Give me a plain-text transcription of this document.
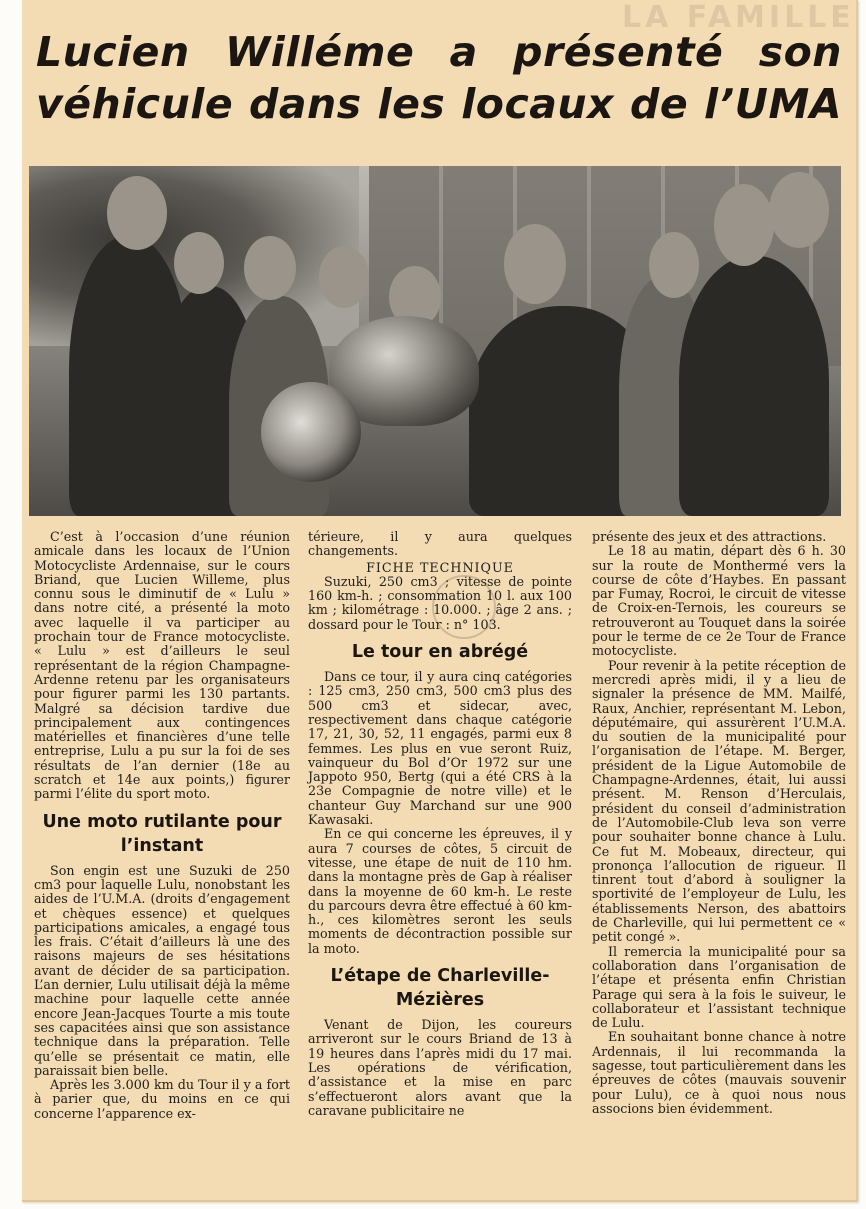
LA FAMILLE
Lucien Willéme a présenté son
véhicule dans les locaux de l’UMA

C’est à l’occasion d’une réunion amicale dans les locaux de l’Union Motocycliste Ardennaise, sur le cours Briand, que Lucien Willeme, plus connu sous le diminutif de « Lulu » dans notre cité, a présenté la moto avec laquelle il va participer au prochain tour de France motocycliste. « Lulu » est d’ailleurs le seul représentant de la région Champagne-Ardenne retenu par les organisateurs pour figurer parmi les 130 partants. Malgré sa décision tardive due principalement aux contingences matérielles et financières d’une telle entreprise, Lulu a pu sur la foi de ses résultats de l’an dernier (18e au scratch et 14e aux points,) figurer parmi l’élite du sport moto.

Une moto rutilante pour l’instant

Son engin est une Suzuki de 250 cm3 pour laquelle Lulu, nonobstant les aides de l’U.M.A. (droits d’engagement et chèques essence) et quelques participations amicales, a engagé tous les frais. C’était d’ailleurs là une des raisons majeurs de ses hésitations avant de décider de sa participation. L’an dernier, Lulu utilisait déjà la même machine pour laquelle cette année encore Jean-Jacques Tourte a mis toute ses capacitées ainsi que son assistance technique dans la préparation. Telle qu’elle se présentait ce matin, elle paraissait bien belle.

Après les 3.000 km du Tour il y a fort à parier que, du moins en ce qui concerne l’apparence ex-

térieure, il y aura quelques changements.

FICHE TECHNIQUE

Suzuki, 250 cm3 ; vitesse de pointe 160 km-h. ; consommation 10 l. aux 100 km ; kilométrage : 10.000. ; âge 2 ans. ; dossard pour le Tour : n° 103.

Le tour en abrégé

Dans ce tour, il y aura cinq catégories : 125 cm3, 250 cm3, 500 cm3 plus des 500 cm3 et sidecar, avec, respectivement dans chaque catégorie 17, 21, 30, 52, 11 engagés, parmi eux 8 femmes. Les plus en vue seront Ruiz, vainqueur du Bol d’Or 1972 sur une Jappoto 950, Bertg (qui a été CRS à la 23e Compagnie de notre ville) et le chanteur Guy Marchand sur une 900 Kawasaki.

En ce qui concerne les épreuves, il y aura 7 courses de côtes, 5 circuit de vitesse, une étape de nuit de 110 hm. dans la montagne près de Gap à réaliser dans la moyenne de 60 km-h. Le reste du parcours devra être effectué à 60 km-h., ces kilomètres seront les seuls moments de décontraction possible sur la moto.

L’étape de Charleville-Mézières

Venant de Dijon, les coureurs arriveront sur le cours Briand de 13 à 19 heures dans l’après midi du 17 mai. Les opérations de vérification, d’assistance et la mise en parc s’effectueront alors avant que la caravane publicitaire ne

présente des jeux et des attractions.

Le 18 au matin, départ dès 6 h. 30 sur la route de Monthermé vers la course de côte d’Haybes. En passant par Fumay, Rocroi, le circuit de vitesse de Croix-en-Ternois, les coureurs se retrouveront au Touquet dans la soirée pour le terme de ce 2e Tour de France motocycliste.

Pour revenir à la petite réception de mercredi après midi, il y a lieu de signaler la présence de MM. Mailfé, Raux, Anchier, représentant M. Lebon, députémaire, qui assurèrent l’U.M.A. du soutien de la municipalité pour l’organisation de l’étape. M. Berger, président de la Ligue Automobile de Champagne-Ardennes, était, lui aussi présent. M. Renson d’Herculais, président du conseil d’administration de l’Automobile-Club leva son verre pour souhaiter bonne chance à Lulu. Ce fut M. Mobeaux, directeur, qui prononça l’allocution de rigueur. Il tinrent tout d’abord à souligner la sportivité de l’employeur de Lulu, les établissements Nerson, des abattoirs de Charleville, qui lui permettent ce « petit congé ».

Il remercia la municipalité pour sa collaboration dans l’organisation de l’étape et présenta enfin Christian Parage qui sera à la fois le suiveur, le collaborateur et l’assistant technique de Lulu.

En souhaitant bonne chance à notre Ardennais, il lui recommanda la sagesse, tout particulièrement dans les épreuves de côtes (mauvais souvenir pour Lulu), ce à quoi nous nous associons bien évidemment.
